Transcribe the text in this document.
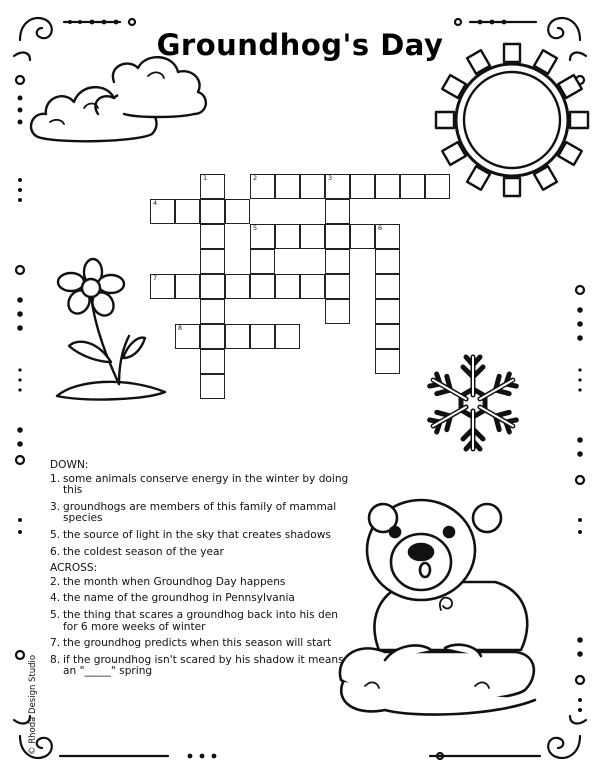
Groundhog's Day
2	3
1
4
5	6
7
8
DOWN:
1. some animals conserve energy in the winter by doing this
3. groundhogs are members of this family of mammal species
5. the source of light in the sky that creates shadows
6. the coldest season of the year
ACROSS:
2. the month when Groundhog Day happens
4. the name of the groundhog in Pennsylvania
5. the thing that scares a groundhog back into his den for 6 more weeks of winter
7. the groundhog predicts when this season will start
8. if the groundhog isn't scared by his shadow it means an "_____" spring
© Rhoda Design Studio
